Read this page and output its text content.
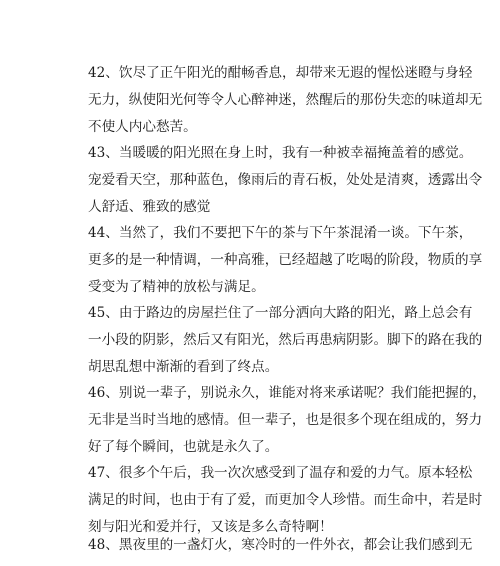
42、饮尽了正午阳光的酣畅香息，却带来无遐的惺忪迷瞪与身轻
无力，纵使阳光何等令人心醉神迷，然醒后的那份失恋的味道却无
不使人内心愁苦。
43、当暖暖的阳光照在身上时，我有一种被幸福掩盖着的感觉。
宠爱看天空，那种蓝色，像雨后的青石板，处处是清爽，透露出令
人舒适、雅致的感觉
44、当然了，我们不要把下午的茶与下午茶混淆一谈。下午茶，
更多的是一种情调，一种高雅，已经超越了吃喝的阶段，物质的享
受变为了精神的放松与满足。
45、由于路边的房屋拦住了一部分洒向大路的阳光，路上总会有
一小段的阴影，然后又有阳光，然后再患病阴影。脚下的路在我的
胡思乱想中渐渐的看到了终点。
46、别说一辈子，别说永久，谁能对将来承诺呢？我们能把握的，
无非是当时当地的感情。但一辈子，也是很多个现在组成的，努力
好了每个瞬间，也就是永久了。
47、很多个午后，我一次次感受到了温存和爱的力气。原本轻松
满足的时间，也由于有了爱，而更加令人珍惜。而生命中，若是时
刻与阳光和爱并行，又该是多么奇特啊！
48、黑夜里的一盏灯火，寒冷时的一件外衣，都会让我们感到无
